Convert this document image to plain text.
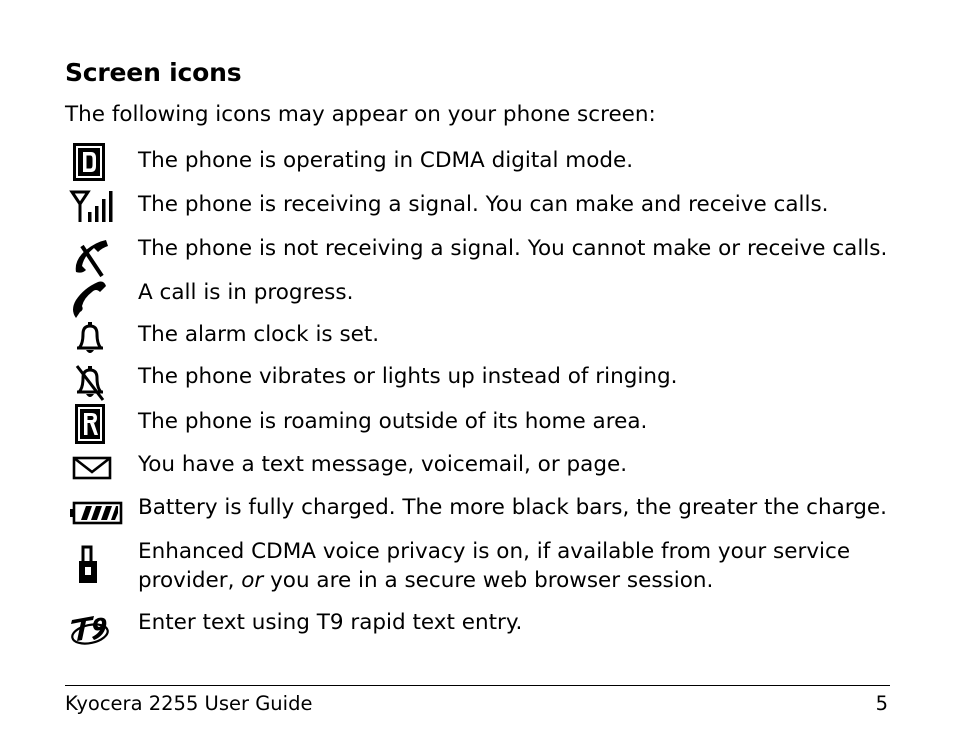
Screen icons

The following icons may appear on your phone screen:

The phone is operating in CDMA digital mode.
The phone is receiving a signal. You can make and receive calls.
The phone is not receiving a signal. You cannot make or receive calls.
A call is in progress.
The alarm clock is set.
The phone vibrates or lights up instead of ringing.
The phone is roaming outside of its home area.
You have a text message, voicemail, or page.
Battery is fully charged. The more black bars, the greater the charge.
Enhanced CDMA voice privacy is on, if available from your service
provider, or you are in a secure web browser session.
Enter text using T9 rapid text entry.
Kyocera 2255 User Guide	5
